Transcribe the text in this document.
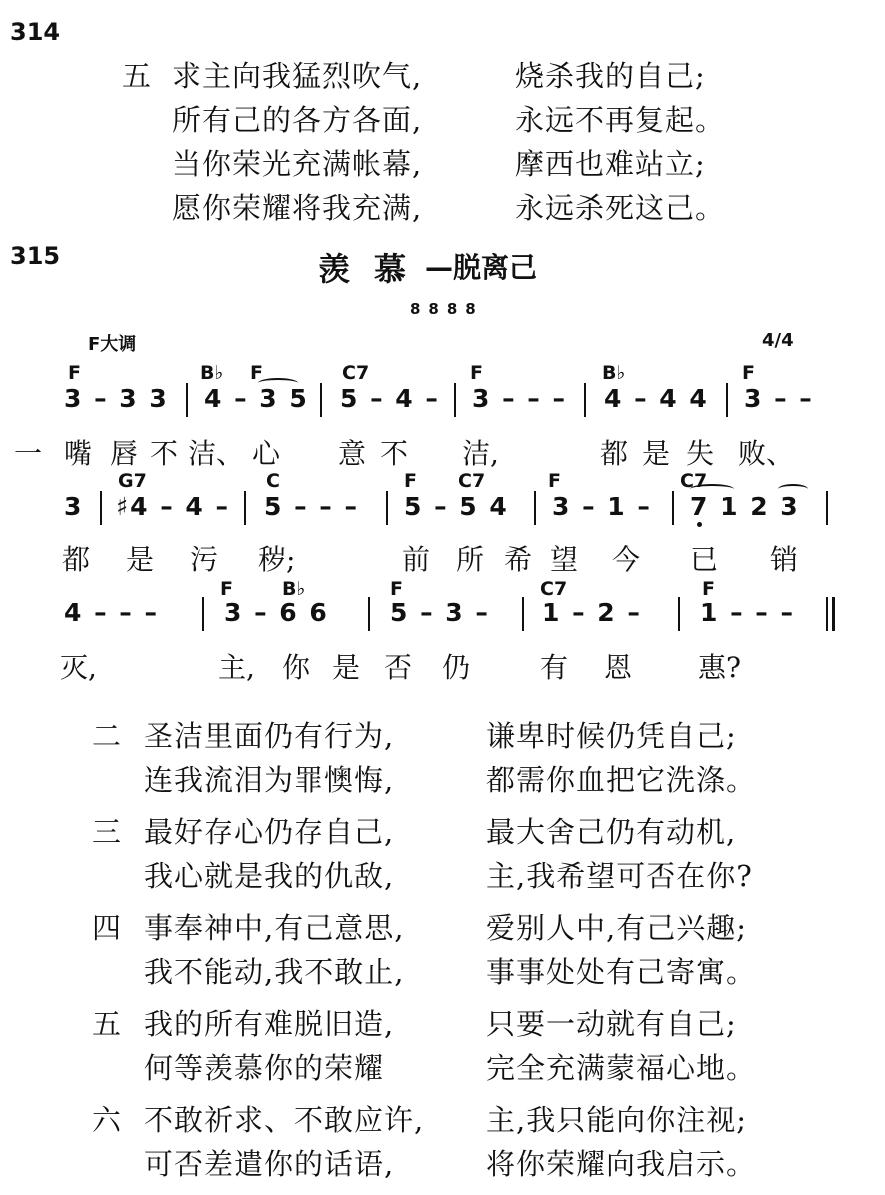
314
五 求主向我猛烈吹气,	烧杀我的自己;
所有己的各方各面,	永远不再复起。
当你荣光充满帐幕,	摩西也难站立;
愿你荣耀将我充满,	永远杀死这己。
315	羡慕
—脱离己
8888
F大调	4/4
F	B♭ F	C7	F	B♭	F
3 – 3 3 4 – 3 5 5 – 4 – 3 – – – 4 – 4 4 3 – –
一 嘴 唇 不 洁、 心 意 不 洁,	都 是 失 败、
G7	C	F C7	F	C7
3 ♯4 – 4 – 5 – – – 5 – 5 4 3 – 1 – 7 1 2 3
都 是 污 秽;	前 所 希 望 今 已 销
F	B♭	F	C7	F
4 – – –	3 – 6 6 5 – 3 – 1 – 2 – 1 – – –
灭,	主, 你 是 否 仍 有 恩 惠?
二 圣洁里面仍有行为,	谦卑时候仍凭自己;
连我流泪为罪懊悔,	都需你血把它洗涤。
三 最好存心仍存自己,	最大舍己仍有动机,
我心就是我的仇敌,	主,我希望可否在你?
四 事奉神中,有己意思,	爱别人中,有己兴趣;
我不能动,我不敢止,	事事处处有己寄寓。
五 我的所有难脱旧造,	只要一动就有自己;
何等羡慕你的荣耀	完全充满蒙福心地。
六 不敢祈求、不敢应许, 主,我只能向你注视;
可否差遣你的话语,	将你荣耀向我启示。
